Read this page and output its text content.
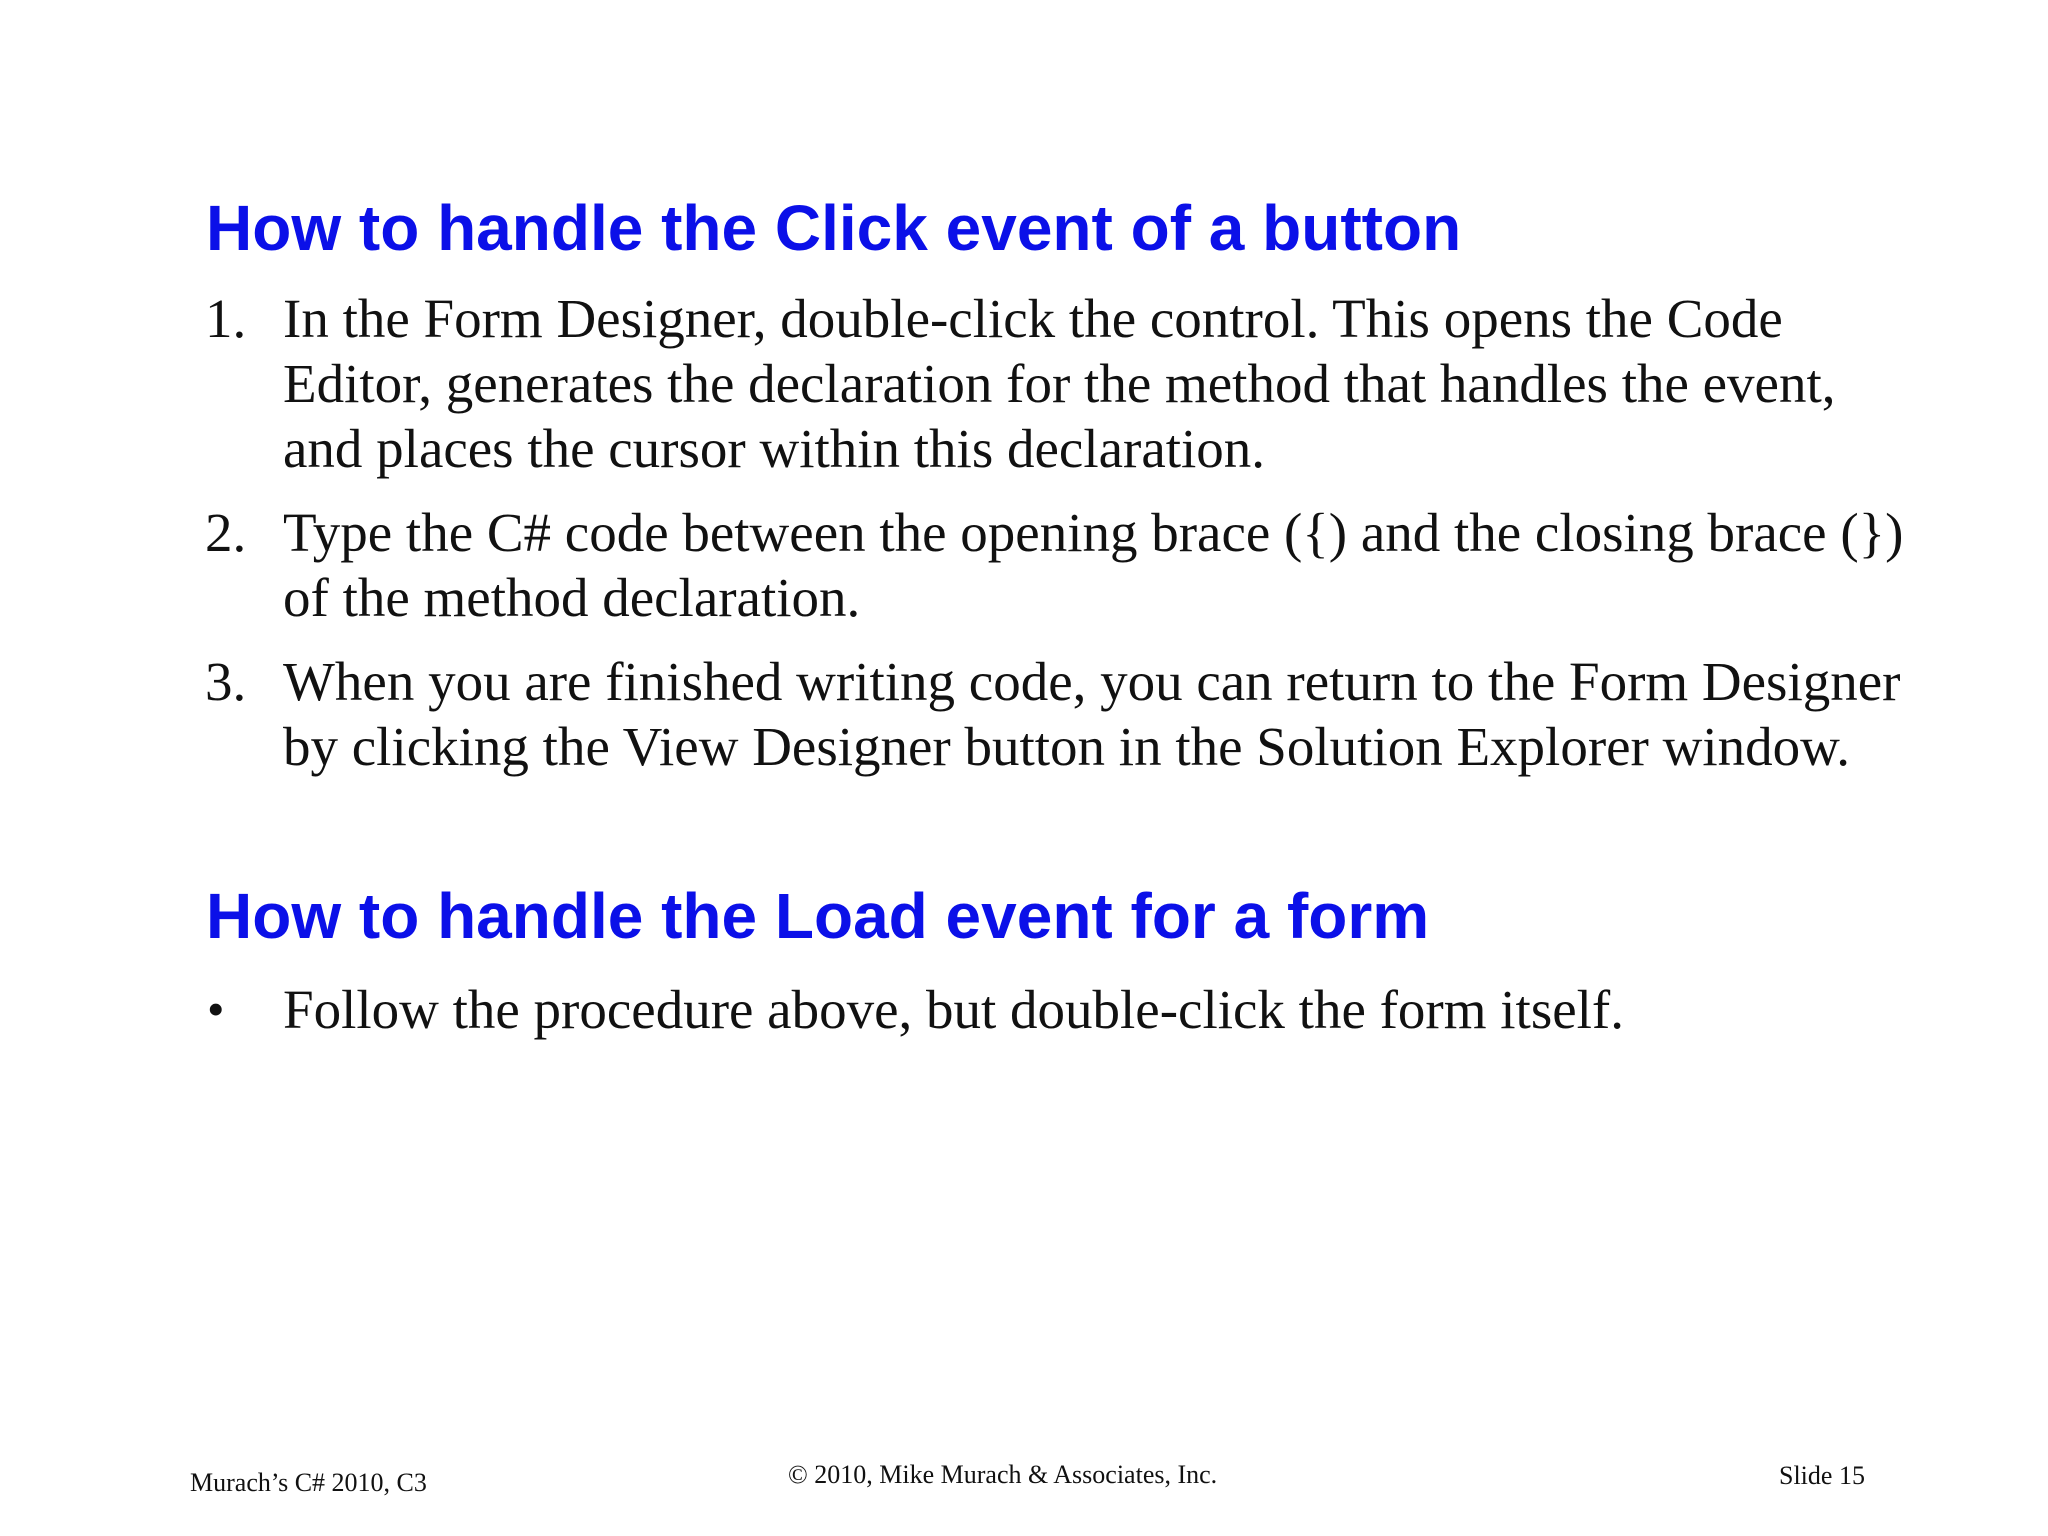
How to handle the Click event of a button
1. In the Form Designer, double-click the control. This opens the Code Editor, generates the declaration for the method that handles the event, and places the cursor within this declaration.
2. Type the C# code between the opening brace ({) and the closing brace (}) of the method declaration.
3. When you are finished writing code, you can return to the Form Designer by clicking the View Designer button in the Solution Explorer window.
How to handle the Load event for a form
•	Follow the procedure above, but double-click the form itself.
Murach’s C# 2010, C3	© 2010, Mike Murach & Associates, Inc.	Slide 15
